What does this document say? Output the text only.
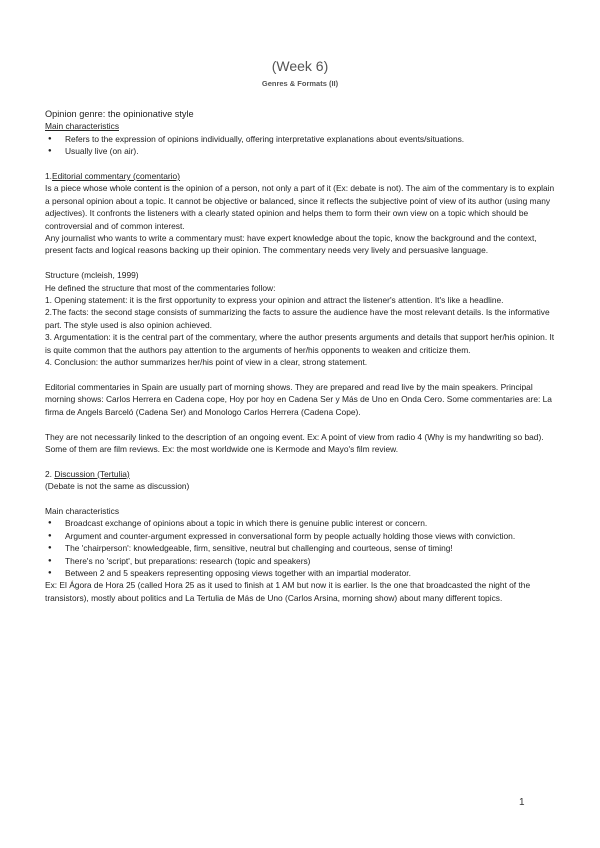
(Week 6)
Genres & Formats (II)

Opinion genre: the opinionative style

Main characteristics

● Refers to the expression of opinions individually, offering interpretative explanations about events/situations.
● Usually live (on air).

1.Editorial commentary (comentario)

Is a piece whose whole content is the opinion of a person, not only a part of it (Ex: debate is not). The aim of the commentary is to explain a personal opinion about a topic. It cannot be objective or balanced, since it reflects the subjective point of view of its author (using many adjectives). It confronts the listeners with a clearly stated opinion and helps them to form their own view on a topic which should be controversial and of common interest.

Any journalist who wants to write a commentary must: have expert knowledge about the topic, know the background and the context, present facts and logical reasons backing up their opinion. The commentary needs very lively and persuasive language.

Structure (mcleish, 1999)

He defined the structure that most of the commentaries follow:

1. Opening statement: it is the first opportunity to express your opinion and attract the listener's attention. It's like a headline.

2.The facts: the second stage consists of summarizing the facts to assure the audience have the most relevant details. Is the informative part. The style used is also opinion achieved.

3. Argumentation: it is the central part of the commentary, where the author presents arguments and details that support her/his opinion. It is quite common that the authors pay attention to the arguments of her/his opponents to weaken and criticize them.

4. Conclusion: the author summarizes her/his point of view in a clear, strong statement.

Editorial commentaries in Spain are usually part of morning shows. They are prepared and read live by the main speakers. Principal morning shows: Carlos Herrera en Cadena cope, Hoy por hoy en Cadena Ser y Más de Uno en Onda Cero. Some commentaries are: La firma de Angels Barceló (Cadena Ser) and Monologo Carlos Herrera (Cadena Cope).

They are not necessarily linked to the description of an ongoing event. Ex: A point of view from radio 4 (Why is my handwriting so bad).

Some of them are film reviews. Ex: the most worldwide one is Kermode and Mayo's film review.

2. Discussion (Tertulia)

(Debate is not the same as discussion)

Main characteristics

● Broadcast exchange of opinions about a topic in which there is genuine public interest or concern.
● Argument and counter-argument expressed in conversational form by people actually holding those views with conviction.
● The 'chairperson': knowledgeable, firm, sensitive, neutral but challenging and courteous, sense of timing!
● There's no 'script', but preparations: research (topic and speakers)
● Between 2 and 5 speakers representing opposing views together with an impartial moderator.

Ex: El Ágora de Hora 25 (called Hora 25 as it used to finish at 1 AM but now it is earlier. Is the one that broadcasted the night of the transistors), mostly about politics and La Tertulia de Más de Uno (Carlos Arsina, morning show) about many different topics.

1
